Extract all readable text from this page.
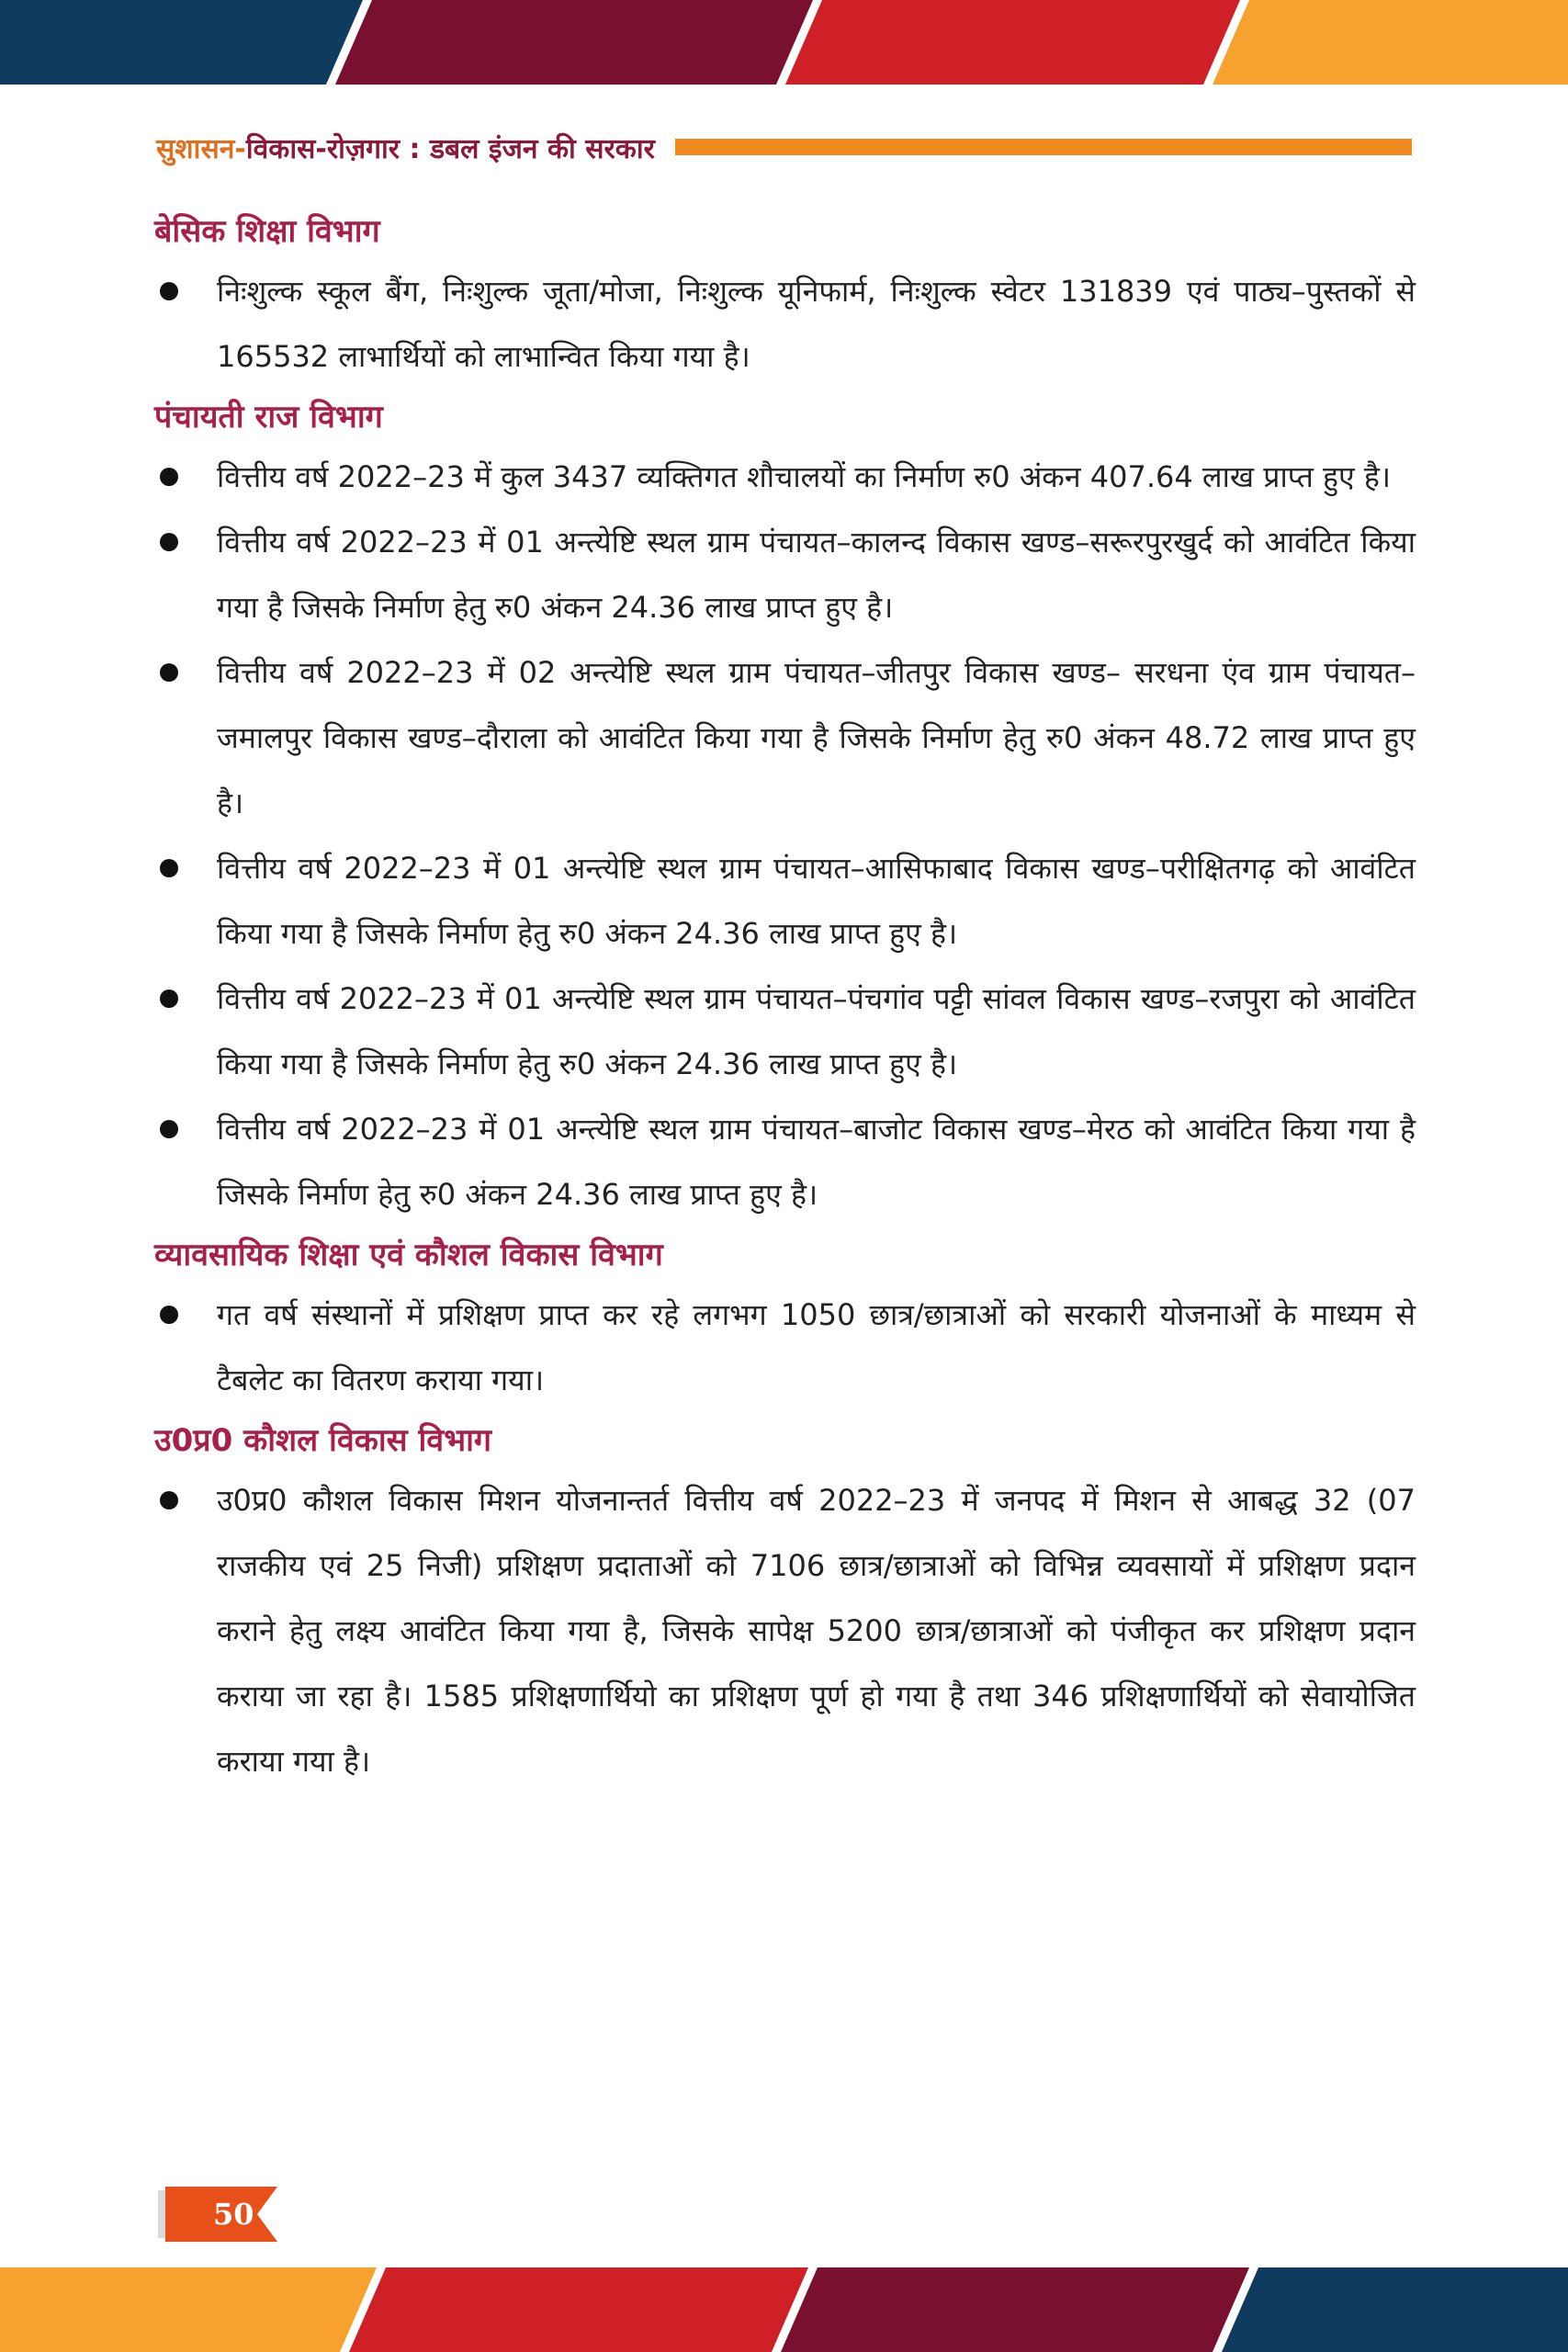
सुशासन-विकास-रोज़गार : डबल इंजन की सरकार
बेसिक शिक्षा विभाग
निःशुल्क स्कूल बैंग, निःशुल्क जूता/मोजा, निःशुल्क यूनिफार्म, निःशुल्क स्वेटर 131839 एवं पाठ्य–पुस्तकों से 165532 लाभार्थियों को लाभान्वित किया गया है।
पंचायती राज विभाग
वित्तीय वर्ष 2022–23 में कुल 3437 व्यक्तिगत शौचालयों का निर्माण रु0 अंकन 407.64 लाख प्राप्त हुए है।
वित्तीय वर्ष 2022–23 में 01 अन्त्येष्टि स्थल ग्राम पंचायत–कालन्द विकास खण्ड–सरूरपुरखुर्द को आवंटित किया गया है जिसके निर्माण हेतु रु0 अंकन 24.36 लाख प्राप्त हुए है।
वित्तीय वर्ष 2022–23 में 02 अन्त्येष्टि स्थल ग्राम पंचायत–जीतपुर विकास खण्ड– सरधना एंव ग्राम पंचायत–जमालपुर विकास खण्ड–दौराला को आवंटित किया गया है जिसके निर्माण हेतु रु0 अंकन 48.72 लाख प्राप्त हुए है।
वित्तीय वर्ष 2022–23 में 01 अन्त्येष्टि स्थल ग्राम पंचायत–आसिफाबाद विकास खण्ड–परीक्षितगढ़ को आवंटित किया गया है जिसके निर्माण हेतु रु0 अंकन 24.36 लाख प्राप्त हुए है।
वित्तीय वर्ष 2022–23 में 01 अन्त्येष्टि स्थल ग्राम पंचायत–पंचगांव पट्टी सांवल विकास खण्ड–रजपुरा को आवंटित किया गया है जिसके निर्माण हेतु रु0 अंकन 24.36 लाख प्राप्त हुए है।
वित्तीय वर्ष 2022–23 में 01 अन्त्येष्टि स्थल ग्राम पंचायत–बाजोट विकास खण्ड–मेरठ को आवंटित किया गया है जिसके निर्माण हेतु रु0 अंकन 24.36 लाख प्राप्त हुए है।
व्यावसायिक शिक्षा एवं कौशल विकास विभाग
गत वर्ष संस्थानों में प्रशिक्षण प्राप्त कर रहे लगभग 1050 छात्र/छात्राओं को सरकारी योजनाओं के माध्यम से टैबलेट का वितरण कराया गया।
उ0प्र0 कौशल विकास विभाग
उ0प्र0 कौशल विकास मिशन योजनान्तर्त वित्तीय वर्ष 2022–23 में जनपद में मिशन से आबद्ध 32 (07 राजकीय एवं 25 निजी) प्रशिक्षण प्रदाताओं को 7106 छात्र/छात्राओं को विभिन्न व्यवसायों में प्रशिक्षण प्रदान कराने हेतु लक्ष्य आवंटित किया गया है, जिसके सापेक्ष 5200 छात्र/छात्राओं को पंजीकृत कर प्रशिक्षण प्रदान कराया जा रहा है। 1585 प्रशिक्षणार्थियो का प्रशिक्षण पूर्ण हो गया है तथा 346 प्रशिक्षणार्थियों को सेवायोजित कराया गया है।
50
